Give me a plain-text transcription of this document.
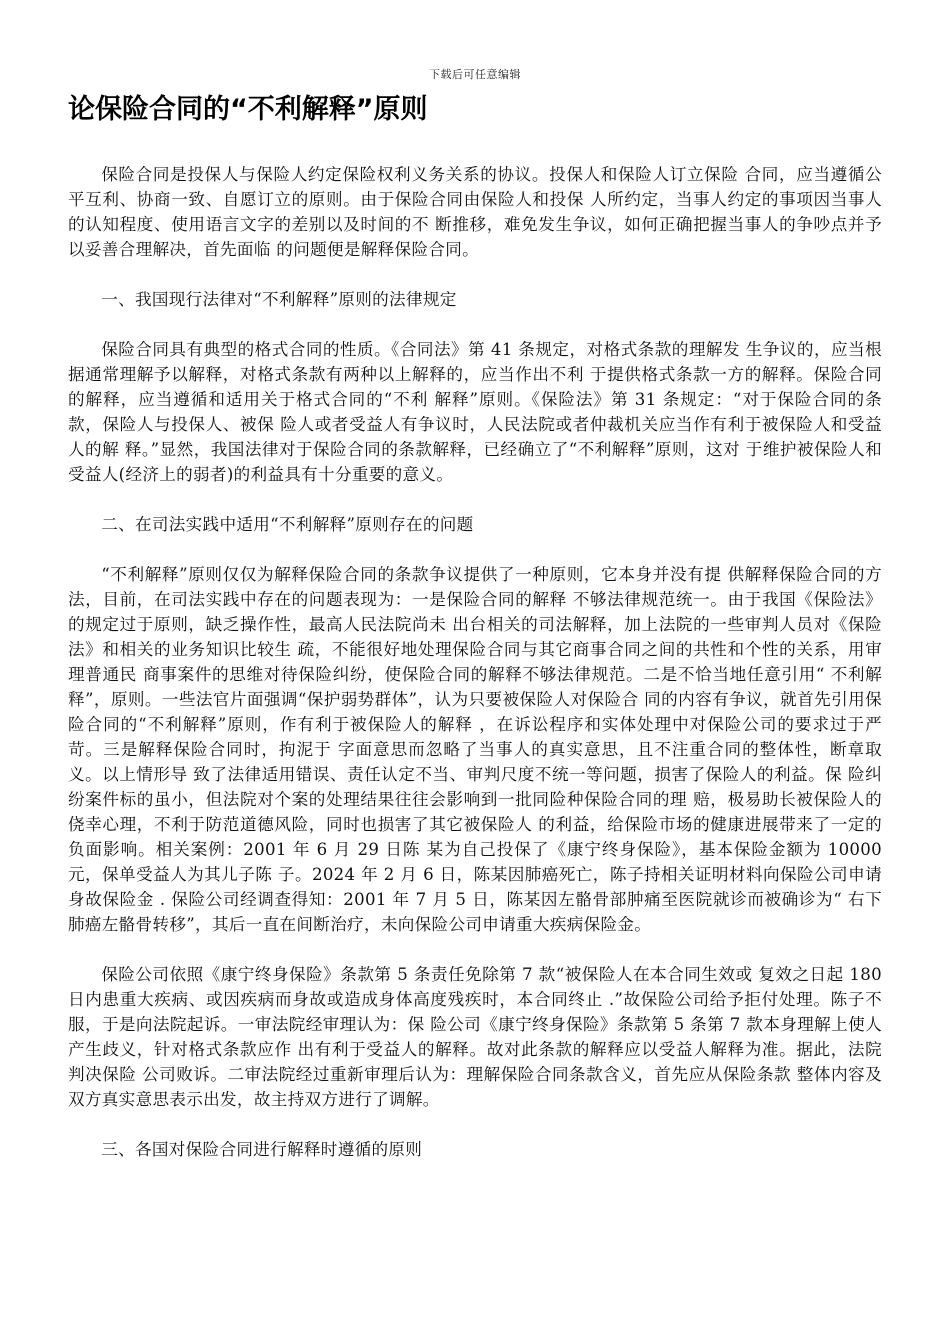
下载后可任意编辑
论保险合同的“不利解释”原则

保险合同是投保人与保险人约定保险权利义务关系的协议。投保人和保险人订立保险 合同，应当遵循公平互利、协商一致、自愿订立的原则。由于保险合同由保险人和投保 人所约定，当事人约定的事项因当事人的认知程度、使用语言文字的差别以及时间的不 断推移，难免发生争议，如何正确把握当事人的争吵点并予以妥善合理解决，首先面临 的问题便是解释保险合同。

一、我国现行法律对“不利解释”原则的法律规定

保险合同具有典型的格式合同的性质。《合同法》第 41 条规定，对格式条款的理解发 生争议的，应当根据通常理解予以解释，对格式条款有两种以上解释的，应当作出不利 于提供格式条款一方的解释。保险合同的解释，应当遵循和适用关于格式合同的“不利 解释”原则。《保险法》第 31 条规定：“对于保险合同的条款，保险人与投保人、被保 险人或者受益人有争议时，人民法院或者仲裁机关应当作有利于被保险人和受益人的解 释。”显然，我国法律对于保险合同的条款解释，已经确立了“不利解释”原则，这对 于维护被保险人和受益人(经济上的弱者)的利益具有十分重要的意义。

二、在司法实践中适用“不利解释”原则存在的问题

“不利解释”原则仅仅为解释保险合同的条款争议提供了一种原则，它本身并没有提 供解释保险合同的方法，目前，在司法实践中存在的问题表现为：一是保险合同的解释 不够法律规范统一。由于我国《保险法》的规定过于原则，缺乏操作性，最高人民法院尚未 出台相关的司法解释，加上法院的一些审判人员对《保险法》和相关的业务知识比较生 疏，不能很好地处理保险合同与其它商事合同之间的共性和个性的关系，用审理普通民 商事案件的思维对待保险纠纷，使保险合同的解释不够法律规范。二是不恰当地任意引用“ 不利解释”，原则。一些法官片面强调“保护弱势群体”，认为只要被保险人对保险合 同的内容有争议，就首先引用保险合同的“不利解释”原则，作有利于被保险人的解释 ，在诉讼程序和实体处理中对保险公司的要求过于严苛。三是解释保险合同时，拘泥于 字面意思而忽略了当事人的真实意思，且不注重合同的整体性，断章取义。以上情形导 致了法律适用错误、责任认定不当、审判尺度不统一等问题，损害了保险人的利益。保 险纠纷案件标的虽小，但法院对个案的处理结果往往会影响到一批同险种保险合同的理 赔，极易助长被保险人的侥幸心理，不利于防范道德风险，同时也损害了其它被保险人 的利益，给保险市场的健康进展带来了一定的负面影响。相关案例：2001 年 6 月 29 日陈 某为自己投保了《康宁终身保险》，基本保险金额为 10000 元，保单受益人为其儿子陈 子。2024 年 2 月 6 日，陈某因肺癌死亡，陈子持相关证明材料向保险公司申请身故保险金 . 保险公司经调查得知：2001 年 7 月 5 日，陈某因左骼骨部肿痛至医院就诊而被确诊为“ 右下肺癌左骼骨转移”，其后一直在间断治疗，未向保险公司申请重大疾病保险金。

保险公司依照《康宁终身保险》条款第 5 条责任免除第 7 款“被保险人在本合同生效或 复效之日起 180 日内患重大疾病、或因疾病而身故或造成身体高度残疾时，本合同终止 .”故保险公司给予拒付处理。陈子不服，于是向法院起诉。一审法院经审理认为：保 险公司《康宁终身保险》条款第 5 条第 7 款本身理解上使人产生歧义，针对格式条款应作 出有利于受益人的解释。故对此条款的解释应以受益人解释为准。据此，法院判决保险 公司败诉。二审法院经过重新审理后认为：理解保险合同条款含义，首先应从保险条款 整体内容及双方真实意思表示出发，故主持双方进行了调解。

三、各国对保险合同进行解释时遵循的原则
